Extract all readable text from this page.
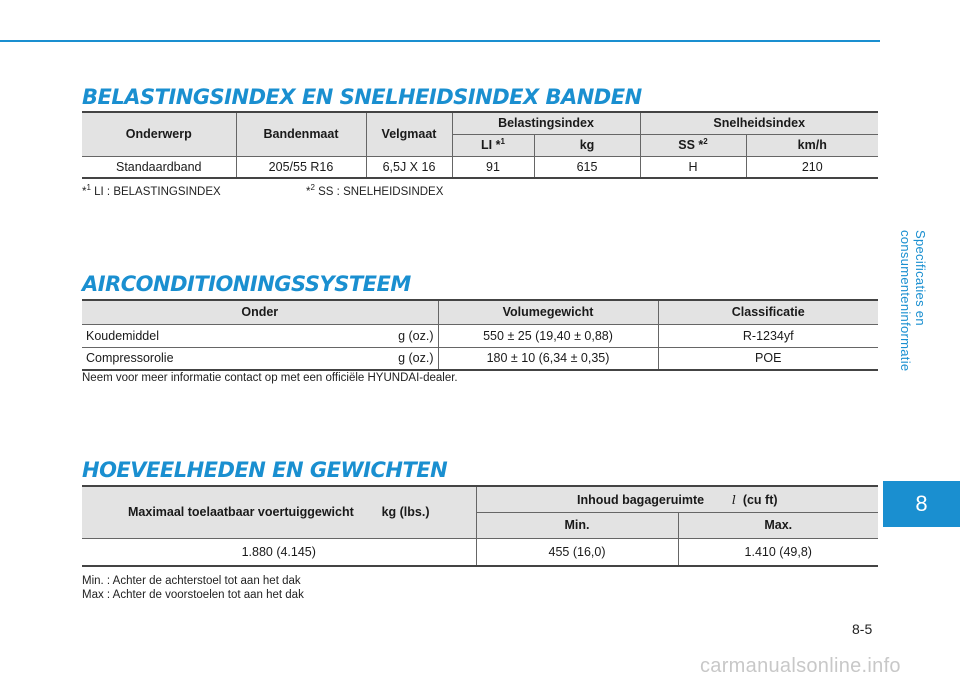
Specificaties en consumenteninformatie
8
BELASTINGSINDEX EN SNELHEIDSINDEX BANDEN
Onderwerp	Bandenmaat	Velgmaat	Belastingsindex		Snelheidsindex	
			LI *$^1$	kg	SS *$^2$	km/h
Standaardband	205/55 R16	6,5J X 16	91	615	H	210
*$^1$ LI : BELASTINGSINDEX	*$^2$ SS : SNELHEIDSINDEX
AIRCONDITIONINGSSYSTEEM
Onder	Volumegewicht	Classificatie

Koudemiddel g (oz.)	550 ± 25 (19,40 ± 0,88)	R-1234yf

Compressorolie g (oz.)	180 ± 10 (6,34 ± 0,35)	POE
Neem voor meer informatie contact op met een officiële HYUNDAI-dealer.
HOEVEELHEDEN EN GEWICHTEN
Maximaal toelaatbaar voertuiggewicht kg (lbs.)	Inhoud bagageruimte l (cu ft)	
	Min.	Max.
1.880 (4.145)	455 (16,0)	1.410 (49,8)
Min. : Achter de achterstoel tot aan het dak
Max : Achter de voorstoelen tot aan het dak
8-5
carmanualsonline.info
